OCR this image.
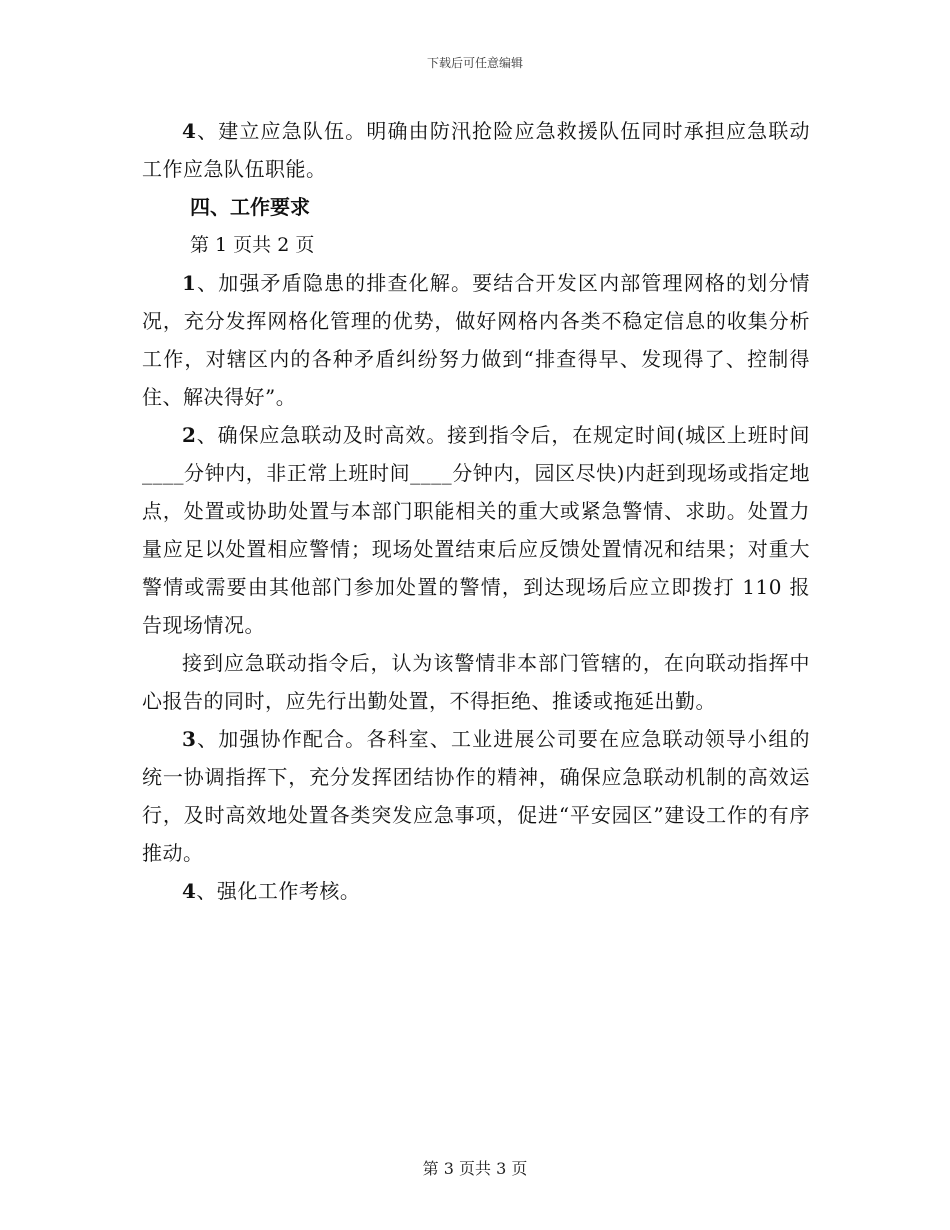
下载后可任意编辑

4、建立应急队伍。明确由防汛抢险应急救援队伍同时承担应急联动工作应急队伍职能。

四、工作要求

第 1 页共 2 页

1、加强矛盾隐患的排查化解。要结合开发区内部管理网格的划分情况，充分发挥网格化管理的优势，做好网格内各类不稳定信息的收集分析工作，对辖区内的各种矛盾纠纷努力做到“排查得早、发现得了、控制得住、解决得好”。

2、确保应急联动及时高效。接到指令后，在规定时间(城区上班时间____分钟内，非正常上班时间____分钟内，园区尽快)内赶到现场或指定地点，处置或协助处置与本部门职能相关的重大或紧急警情、求助。处置力量应足以处置相应警情；现场处置结束后应反馈处置情况和结果；对重大警情或需要由其他部门参加处置的警情，到达现场后应立即拨打 110 报告现场情况。

接到应急联动指令后，认为该警情非本部门管辖的，在向联动指挥中心报告的同时，应先行出勤处置，不得拒绝、推诿或拖延出勤。

3、加强协作配合。各科室、工业进展公司要在应急联动领导小组的统一协调指挥下，充分发挥团结协作的精神，确保应急联动机制的高效运行，及时高效地处置各类突发应急事项，促进“平安园区”建设工作的有序推动。

4、强化工作考核。

第 3 页共 3 页
